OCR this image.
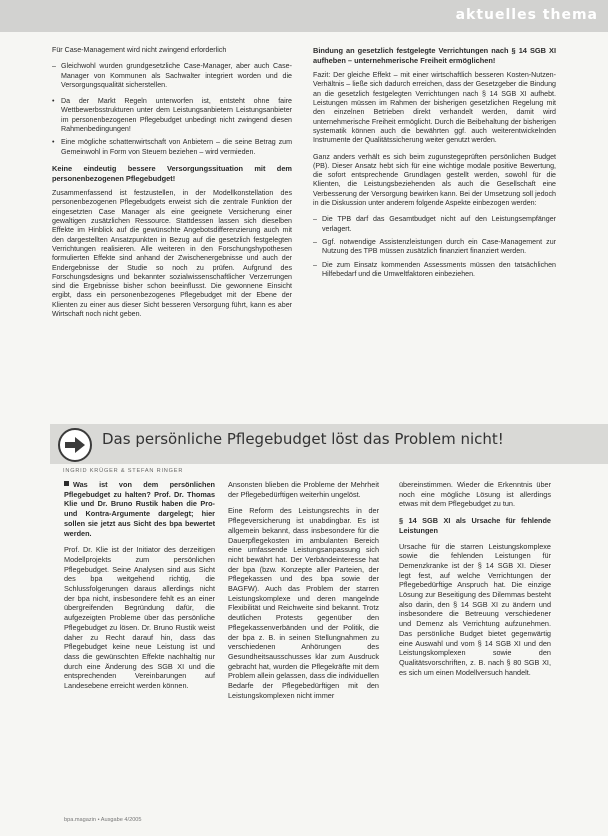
aktuelles thema

Für Case-Management wird nicht zwingend erforderlich

– Gleichwohl wurden grundgesetzliche Case-Manager, aber auch Case-Manager von Kommunen als Sachwalter integriert worden und die Versorgungsqualität sicherstellen.
• Da der Markt Regeln unterworfen ist, entsteht ohne faire Wettbewerbsstrukturen unter dem Leistungsanbietern Leistungsanbieter im personenbezogenen Pflegebudget unbedingt nicht zwingend diesen Rahmenbedingungen!
• Eine mögliche schattenwirtschaft von Anbietern – die seine Betrag zum Gemeinwohl in Form von Steuern beziehen – wird vermieden.
Keine eindeutig bessere Versorgungssituation mit dem personenbezogenen Pflegebudget!

Zusammenfassend ist festzustellen, in der Modellkonstellation des personenbezogenen Pflegebudgets erweist sich die zentrale Funktion der eingesetzten Case Manager als eine geeignete Versicherung einer gewaltigen zusätzlichen Ressource. Stattdessen lassen sich dieselben Effekte im Hinblick auf die gewünschte Angebotsdifferenzierung auch mit den dargestellten Ansatzpunkten in Bezug auf die gesetzlich festgelegten Verrichtungen realisieren. Alle weiteren in den Forschungshypothesen formulierten Effekte sind anhand der Zwischenergebnisse und auch der Endergebnisse der Studie so noch zu prüfen. Aufgrund des Forschungsdesigns und bekannter sozialwissenschaftlicher Verzerrungen sind die Ergebnisse bisher schon beeinflusst. Die gewonnene Einsicht ergibt, dass ein personenbezogenes Pflegebudget mit der Ebene der Klienten zu einer aus dieser Sicht besseren Versorgung führt, kann es aber Wirtschaft noch nicht geben.

Bindung an gesetzlich festgelegte Verrichtungen nach § 14 SGB XI aufheben – unternehmerische Freiheit ermöglichen!

Fazit: Der gleiche Effekt – mit einer wirtschaftlich besseren Kosten-Nutzen-Verhältnis – ließe sich dadurch erreichen, dass der Gesetzgeber die Bindung an die gesetzlich festgelegten Verrichtungen nach § 14 SGB XI aufhebt. Leistungen müssen im Rahmen der bisherigen gesetzlichen Regelung mit den einzelnen Betrieben direkt verhandelt werden, damit wird unternehmerische Freiheit ermöglicht. Durch die Beibehaltung der bisherigen systematik können auch die bewährten ggf. auch weiterentwickelnden Instrumente der Qualitätssicherung weiter genutzt werden.

Ganz anders verhält es sich beim zugunstegeprüften persönlichen Budget (PB). Dieser Ansatz hebt sich für eine wichtige modale positive Bewertung, die sofort entsprechende Grundlagen gestellt werden, sowohl für die Klienten, die Leistungsbeziehenden als auch die Gesellschaft eine Verbesserung der Versorgung bewirken kann. Bei der Umsetzung soll jedoch in die Diskussion unter anderem folgende Aspekte einbezogen werden:

– Die TPB darf das Gesamtbudget nicht auf den Leistungsempfänger verlagert.
– Ggf. notwendige Assistenzleistungen durch ein Case-Management zur Nutzung des TPB müssen zusätzlich finanziert finanziert werden.
– Die zum Einsatz kommenden Assessments müssen den tatsächlichen Hilfebedarf und die Umweltfaktoren einbeziehen.
Das persönliche Pflegebudget löst das Problem nicht!
INGRID KRÜGER & STEFAN RINGER

Was ist von dem persönlichen Pflegebudget zu halten? Prof. Dr. Thomas Klie und Dr. Bruno Rustik haben die Pro- und Kontra-Argumente dargelegt; hier sollen sie jetzt aus Sicht des bpa bewertet werden.

Prof. Dr. Klie ist der Initiator des derzeitigen Modellprojekts zum persönlichen Pflegebudget. Seine Analysen sind aus Sicht des bpa weitgehend richtig, die Schlussfolgerungen daraus allerdings nicht der bpa nicht, insbesondere fehlt es an einer übergreifenden Begründung dafür, die aufgezeigten Probleme über das persönliche Pflegebudget zu lösen. Dr. Bruno Rustik weist daher zu Recht darauf hin, dass das Pflegebudget keine neue Leistung ist und dass die gewünschten Effekte nachhaltig nur durch eine Änderung des SGB XI und die entsprechenden Vereinbarungen auf Landesebene erreicht werden können.

Ansonsten blieben die Probleme der Mehrheit der Pflegebedürftigen weiterhin ungelöst.

Eine Reform des Leistungsrechts in der Pflegeversicherung ist unabdingbar. Es ist allgemein bekannt, dass insbesondere für die Dauerpflegekosten im ambulanten Bereich eine umfassende Leistungsanpassung sich nicht bewährt hat. Der Verbändeinteresse hat der bpa (bzw. Konzepte aller Parteien, der Pflegekassen und des bpa sowie der BAGFW). Auch das Problem der starren Leistungskomplexe und deren mangelnde Flexibilität und Reichweite sind bekannt. Trotz deutlichen Protests gegenüber den Pflegekassenverbänden und der Politik, die der bpa z. B. in seinen Stellungnahmen zu verschiedenen Anhörungen des Gesundheitsausschusses klar zum Ausdruck gebracht hat, wurden die Pflegekräfte mit dem Problem allein gelassen, dass die individuellen Bedarfe der Pflegebedürftigen mit den Leistungskomplexen nicht immer

übereinstimmen. Wieder die Erkenntnis über noch eine mögliche Lösung ist allerdings etwas mit dem Pflegebudget zu tun.

§ 14 SGB XI als Ursache für fehlende Leistungen

Ursache für die starren Leistungskomplexe sowie die fehlenden Leistungen für Demenzkranke ist der § 14 SGB XI. Dieser legt fest, auf welche Verrichtungen der Pflegebedürftige Anspruch hat. Die einzige Lösung zur Beseitigung des Dilemmas besteht also darin, den § 14 SGB XI zu ändern und insbesondere die Betreuung verschiedener und Demenz als Verrichtung aufzunehmen. Das persönliche Budget bietet gegenwärtig eine Auswahl und vom § 14 SGB XI und den Leistungskomplexen sowie den Qualitätsvorschriften, z. B. nach § 80 SGB XI, es sich um einen Modellversuch handelt.

bpa.magazin • Ausgabe 4/2005
